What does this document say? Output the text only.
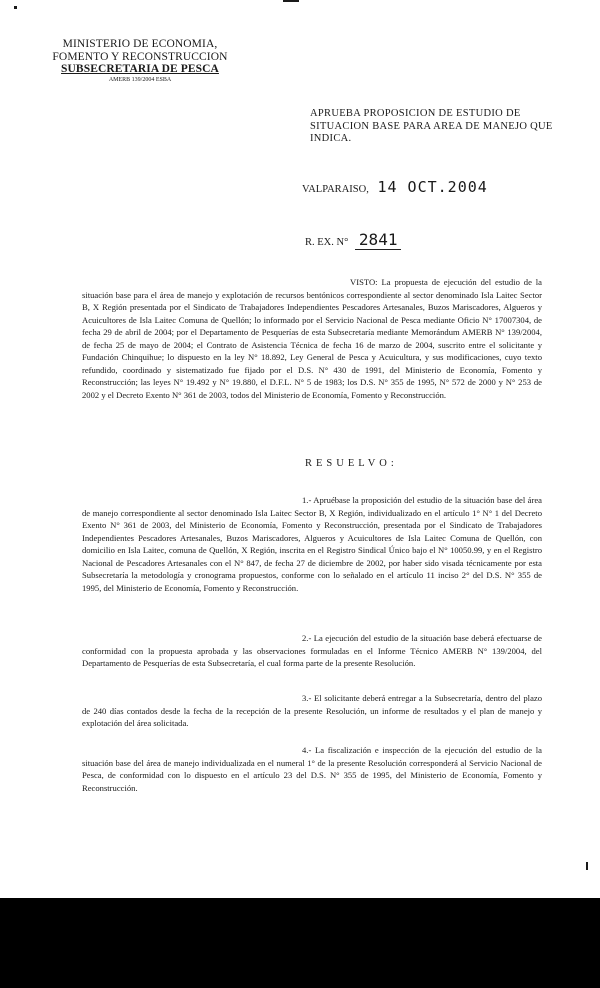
MINISTERIO DE ECONOMIA,
FOMENTO Y RECONSTRUCCION
SUBSECRETARIA DE PESCA
AMERB 139/2004 ESBA
APRUEBA PROPOSICION DE ESTUDIO DE SITUACION BASE PARA AREA DE MANEJO QUE INDICA.
VALPARAISO, 14 OCT.2004
R. EX. N° 2841
VISTO: La propuesta de ejecución del estudio de la situación base para el área de manejo y explotación de recursos bentónicos correspondiente al sector denominado Isla Laitec Sector B, X Región presentada por el Sindicato de Trabajadores Independientes Pescadores Artesanales, Buzos Mariscadores, Algueros y Acuicultores de Isla Laitec Comuna de Quellón; lo informado por el Servicio Nacional de Pesca mediante Oficio N° 17007304, de fecha 29 de abril de 2004; por el Departamento de Pesquerías de esta Subsecretaría mediante Memorándum AMERB N° 139/2004, de fecha 25 de mayo de 2004; el Contrato de Asistencia Técnica de fecha 16 de marzo de 2004, suscrito entre el solicitante y Fundación Chinquihue; lo dispuesto en la ley N° 18.892, Ley General de Pesca y Acuicultura, y sus modificaciones, cuyo texto refundido, coordinado y sistematizado fue fijado por el D.S. N° 430 de 1991, del Ministerio de Economía, Fomento y Reconstrucción; las leyes N° 19.492 y N° 19.880, el D.F.L. N° 5 de 1983; los D.S. N° 355 de 1995, N° 572 de 2000 y N° 253 de 2002 y el Decreto Exento N° 361 de 2003, todos del Ministerio de Economía, Fomento y Reconstrucción.
RESUELVO:
1.- Apruébase la proposición del estudio de la situación base del área de manejo correspondiente al sector denominado Isla Laitec Sector B, X Región, individualizado en el artículo 1° N° 1 del Decreto Exento N° 361 de 2003, del Ministerio de Economía, Fomento y Reconstrucción, presentada por el Sindicato de Trabajadores Independientes Pescadores Artesanales, Buzos Mariscadores, Algueros y Acuicultores de Isla Laitec Comuna de Quellón, con domicilio en Isla Laitec, comuna de Quellón, X Región, inscrita en el Registro Sindical Único bajo el N° 10050.99, y en el Registro Nacional de Pescadores Artesanales con el N° 847, de fecha 27 de diciembre de 2002, por haber sido visada técnicamente por esta Subsecretaría la metodología y cronograma propuestos, conforme con lo señalado en el artículo 11 inciso 2° del D.S. N° 355 de 1995, del Ministerio de Economía, Fomento y Reconstrucción.
2.- La ejecución del estudio de la situación base deberá efectuarse de conformidad con la propuesta aprobada y las observaciones formuladas en el Informe Técnico AMERB N° 139/2004, del Departamento de Pesquerías de esta Subsecretaría, el cual forma parte de la presente Resolución.
3.- El solicitante deberá entregar a la Subsecretaría, dentro del plazo de 240 días contados desde la fecha de la recepción de la presente Resolución, un informe de resultados y el plan de manejo y explotación del área solicitada.
4.- La fiscalización e inspección de la ejecución del estudio de la situación base del área de manejo individualizada en el numeral 1° de la presente Resolución corresponderá al Servicio Nacional de Pesca, de conformidad con lo dispuesto en el artículo 23 del D.S. N° 355 de 1995, del Ministerio de Economía, Fomento y Reconstrucción.
